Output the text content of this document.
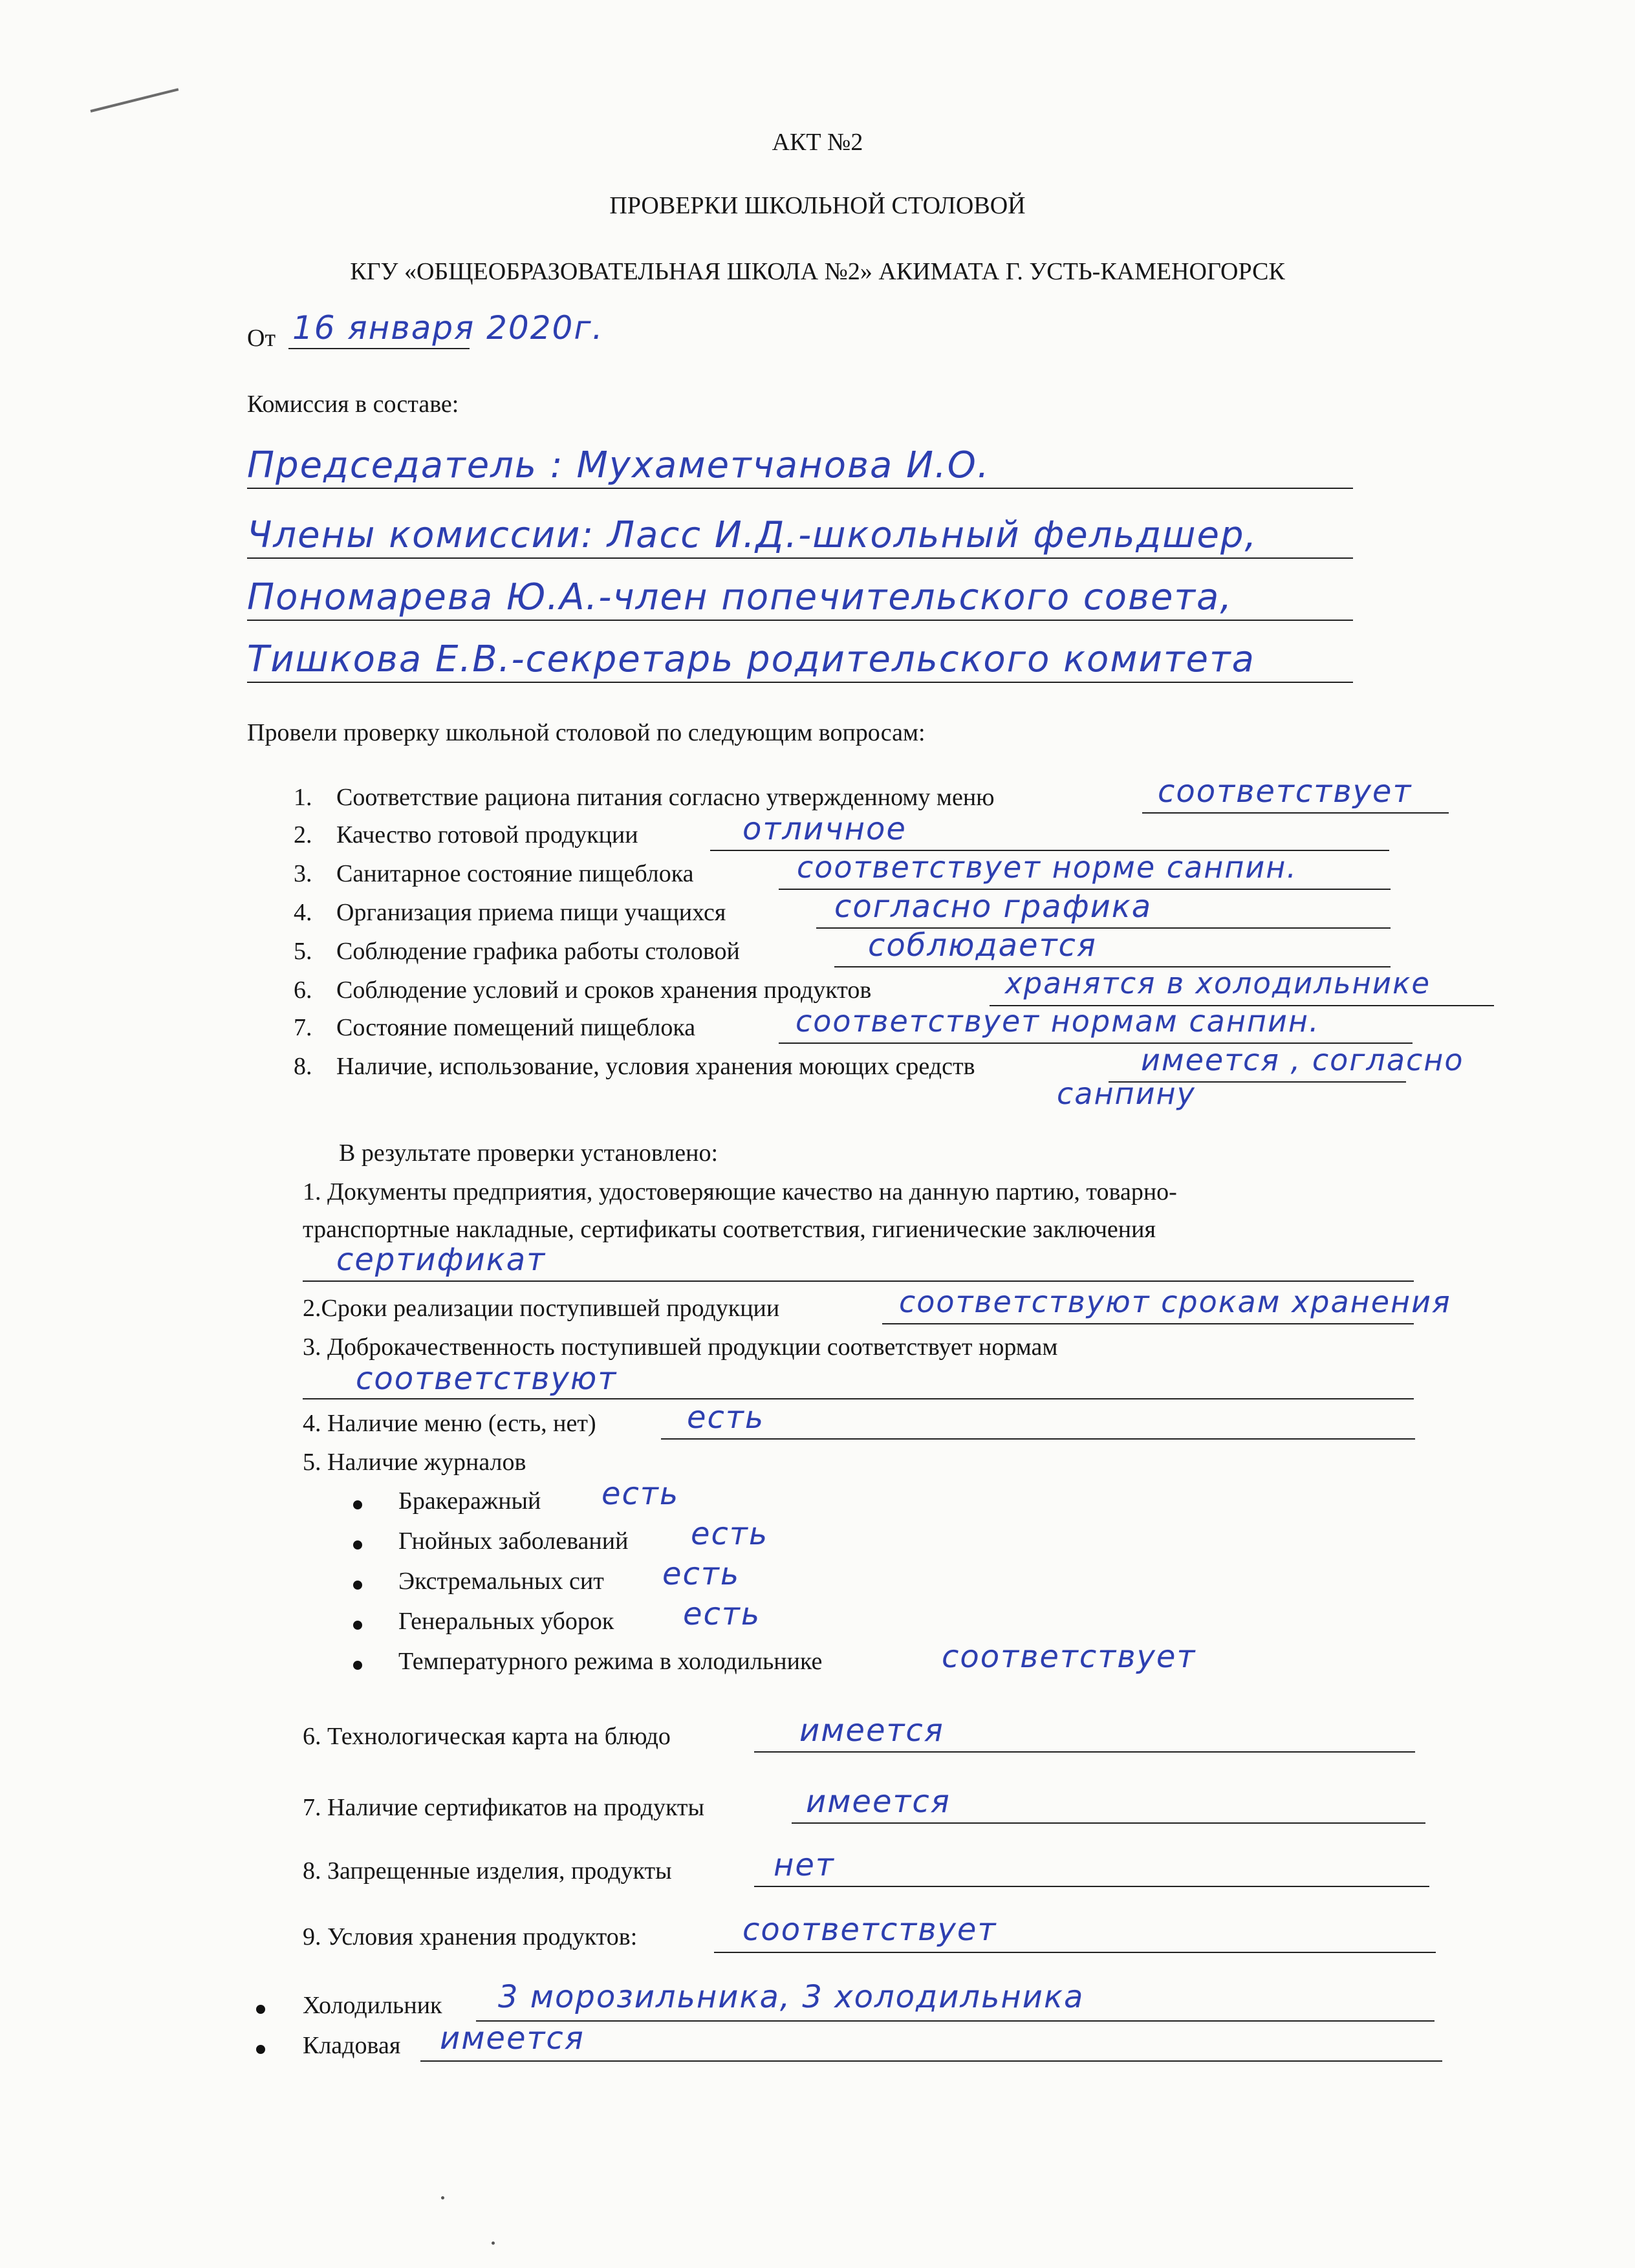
АКТ №2
ПРОВЕРКИ ШКОЛЬНОЙ СТОЛОВОЙ
КГУ «ОБЩЕОБРАЗОВАТЕЛЬНАЯ ШКОЛА №2» АКИМАТА Г. УСТЬ-КАМЕНОГОРСК
От 16 января 2020г.
Комиссия в составе:
Председатель : Мухаметчанова И.О.
Члены комиссии: Ласс И.Д.-школьный фельдшер,
Пономарева Ю.А.-член попечительского совета,
Тишкова Е.В.-секретарь родительского комитета
Провели проверку школьной столовой по следующим вопросам:
1. Соответствие рациона питания согласно утвержденному меню	соответствует
2. Качество готовой продукции	отличное
3. Санитарное состояние пищеблока	соответствует норме санпин.
4. Организация приема пищи учащихся	согласно графика
5. Соблюдение графика работы столовой	соблюдается
6. Соблюдение условий и сроков хранения продуктов	хранятся в холодильнике
7. Состояние помещений пищеблока	соответствует нормам санпин.
8. Наличие, использование, условия хранения моющих средств	имеется , согласно
санпину
В результате проверки установлено:
1. Документы предприятия, удостоверяющие качество на данную партию, товарно-
транспортные накладные, сертификаты соответствия, гигиенические заключения
сертификат
2.Сроки реализации поступившей продукции	соответствуют срокам хранения
3. Доброкачественность поступившей продукции соответствует нормам
соответствуют
4. Наличие меню (есть, нет)	есть
5. Наличие журналов
Бракеражный есть
Гнойных заболеваний есть
Экстремальных сит есть
Генеральных уборок есть
Температурного режима в холодильнике	соответствует
6. Технологическая карта на блюдо	имеется
7. Наличие сертификатов на продукты	имеется
8. Запрещенные изделия, продукты	нет
9. Условия хранения продуктов:	соответствует
Холодильник 3 морозильника, 3 холодильника
Кладовая имеется
